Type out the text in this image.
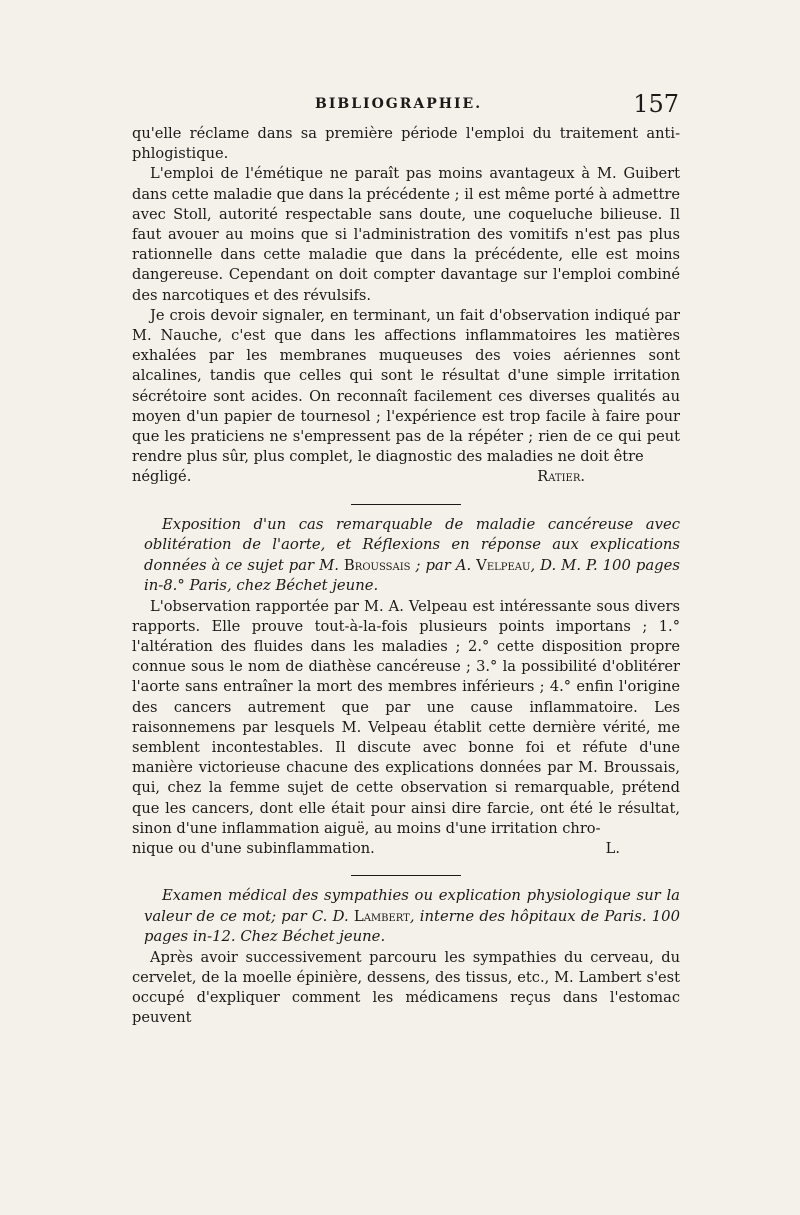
BIBLIOGRAPHIE.	157

qu'elle réclame dans sa première période l'emploi du traitement anti-phlogistique.

L'emploi de l'émétique ne paraît pas moins avantageux à M. Guibert dans cette maladie que dans la précédente ; il est même porté à admettre avec Stoll, autorité respectable sans doute, une coqueluche bilieuse. Il faut avouer au moins que si l'administration des vomitifs n'est pas plus rationnelle dans cette maladie que dans la précédente, elle est moins dangereuse. Cependant on doit compter davantage sur l'emploi combiné des narcotiques et des révulsifs.

Je crois devoir signaler, en terminant, un fait d'observation indiqué par M. Nauche, c'est que dans les affections inflammatoires les matières exhalées par les membranes muqueuses des voies aériennes sont alcalines, tandis que celles qui sont le résultat d'une simple irritation sécrétoire sont acides. On reconnaît facilement ces diverses qualités au moyen d'un papier de tournesol ; l'expérience est trop facile à faire pour que les praticiens ne s'empressent pas de la répéter ; rien de ce qui peut rendre plus sûr, plus complet, le diagnostic des maladies ne doit être

négligé.	Ratier.

Exposition d'un cas remarquable de maladie cancéreuse avec oblitération de l'aorte, et Réflexions en réponse aux explications données à ce sujet par M. Broussais ; par A. Velpeau, D. M. P. 100 pages in-8.° Paris, chez Béchet jeune.

L'observation rapportée par M. A. Velpeau est intéressante sous divers rapports. Elle prouve tout-à-la-fois plusieurs points importans ; 1.° l'altération des fluides dans les maladies ; 2.° cette disposition propre connue sous le nom de diathèse cancéreuse ; 3.° la possibilité d'oblitérer l'aorte sans entraîner la mort des membres inférieurs ; 4.° enfin l'origine des cancers autrement que par une cause inflammatoire. Les raisonnemens par lesquels M. Velpeau établit cette dernière vérité, me semblent incontestables. Il discute avec bonne foi et réfute d'une manière victorieuse chacune des explications données par M. Broussais, qui, chez la femme sujet de cette observation si remarquable, prétend que les cancers, dont elle était pour ainsi dire farcie, ont été le résultat, sinon d'une inflammation aiguë, au moins d'une irritation chro-

nique ou d'une subinflammation.	L.

Examen médical des sympathies ou explication physiologique sur la valeur de ce mot; par C. D. Lambert, interne des hôpitaux de Paris. 100 pages in-12. Chez Béchet jeune.

Après avoir successivement parcouru les sympathies du cerveau, du cervelet, de la moelle épinière, dessens, des tissus, etc., M. Lambert s'est occupé d'expliquer comment les médicamens reçus dans l'estomac peuvent
